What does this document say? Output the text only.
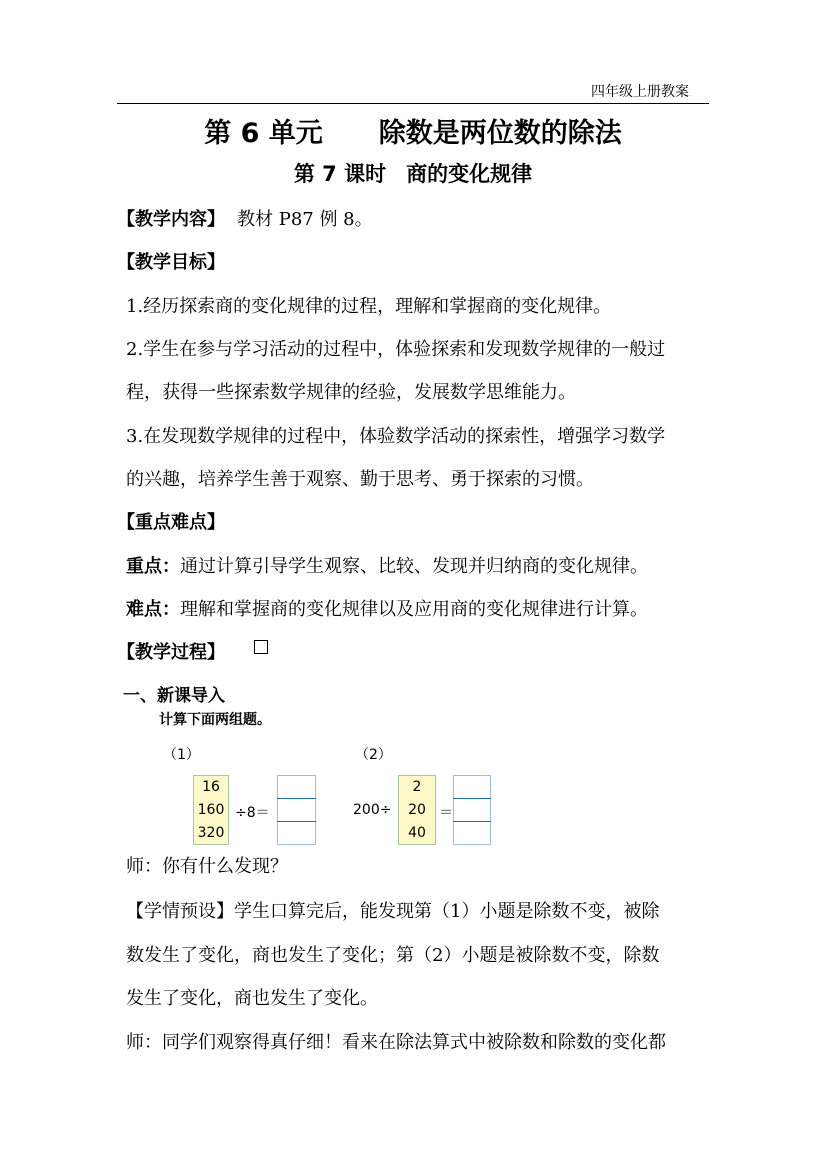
四年级上册教案
第 6 单元 除数是两位数的除法
第 7 课时 商的变化规律
【教学内容】 教材 P87 例 8。
【教学目标】
1.经历探索商的变化规律的过程，理解和掌握商的变化规律。
2.学生在参与学习活动的过程中，体验探索和发现数学规律的一般过
程，获得一些探索数学规律的经验，发展数学思维能力。
3.在发现数学规律的过程中，体验数学活动的探索性，增强学习数学
的兴趣，培养学生善于观察、勤于思考、勇于探索的习惯。
【重点难点】
重点：通过计算引导学生观察、比较、发现并归纳商的变化规律。
难点：理解和掌握商的变化规律以及应用商的变化规律进行计算。
【教学过程】
一、新课导入
计算下面两组题。
（1）
16
160
320
÷8＝
（2）
200÷
2
20
40
＝
师：你有什么发现？
【学情预设】学生口算完后，能发现第（1）小题是除数不变，被除
数发生了变化，商也发生了变化；第（2）小题是被除数不变，除数
发生了变化，商也发生了变化。
师：同学们观察得真仔细！看来在除法算式中被除数和除数的变化都
